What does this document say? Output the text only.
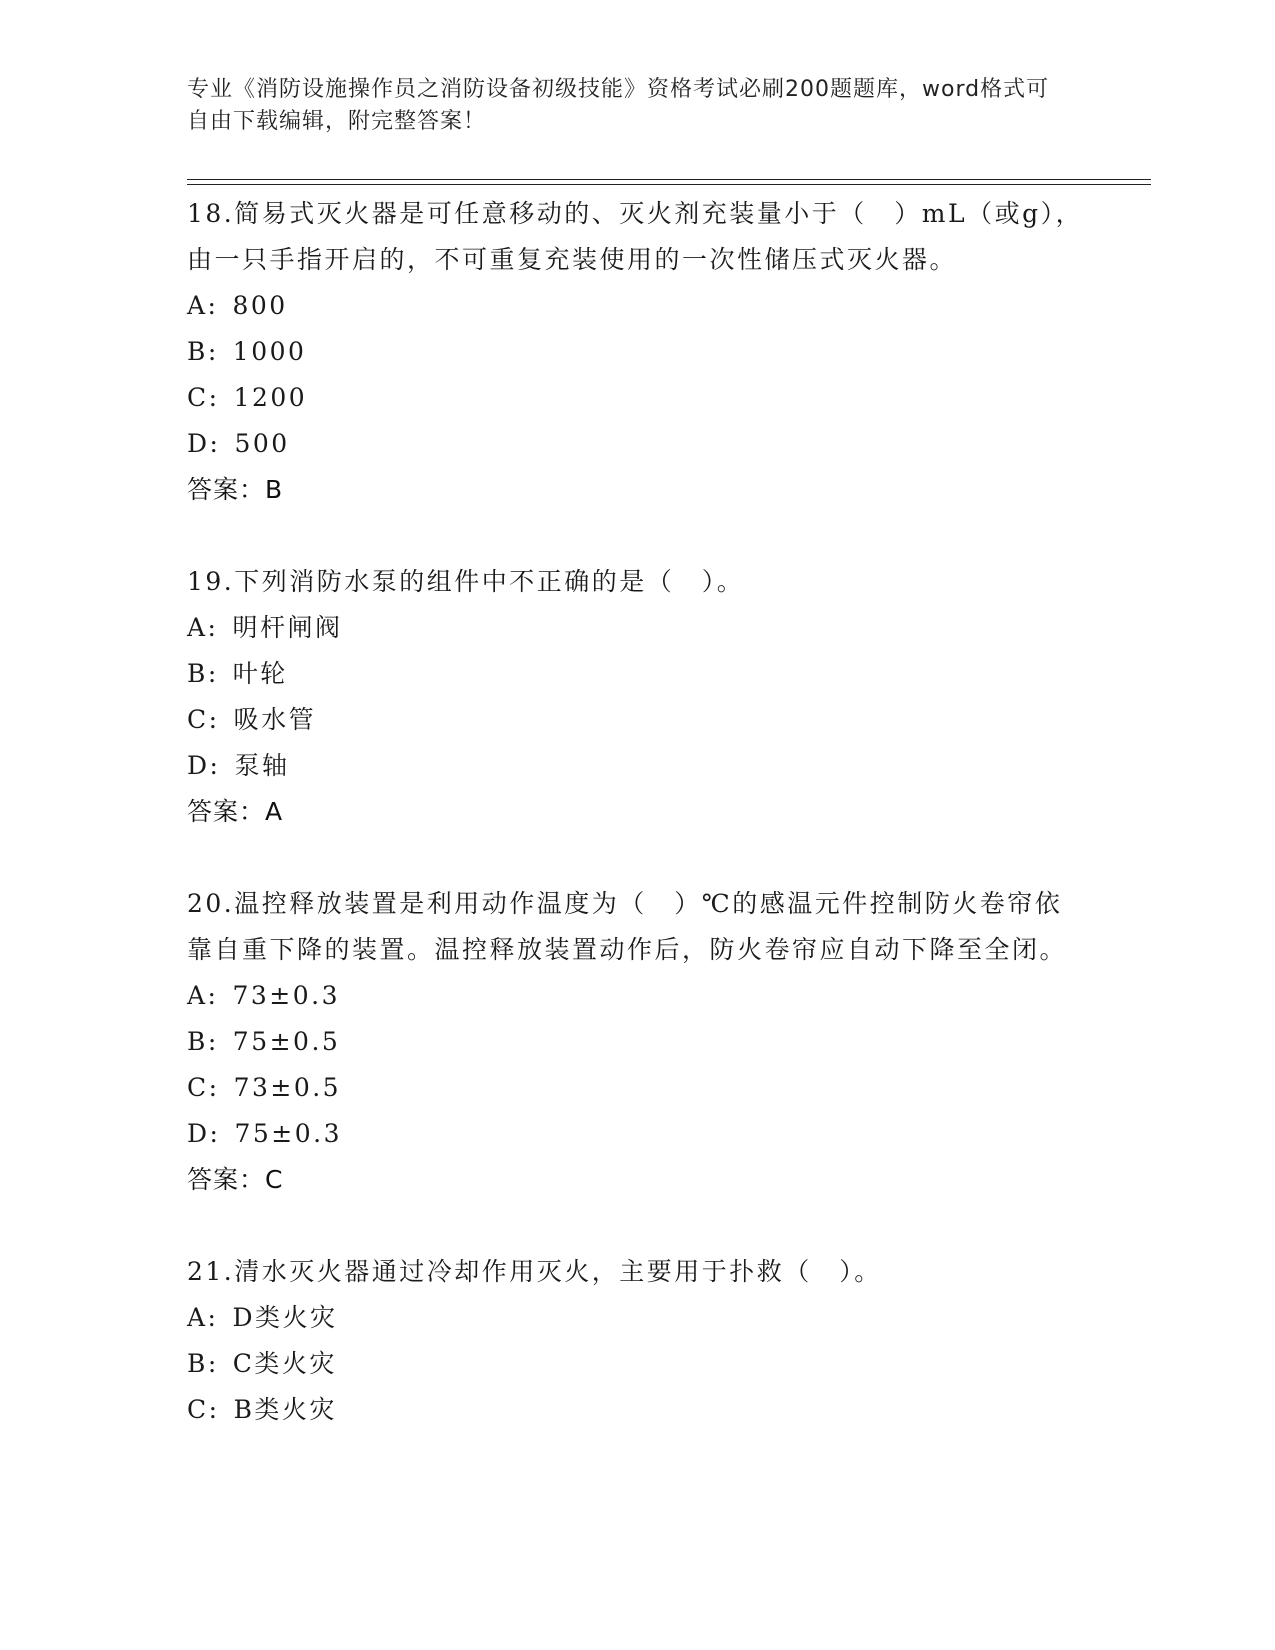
专业《消防设施操作员之消防设备初级技能》资格考试必刷200题题库，word格式可自由下载编辑，附完整答案！

18.简易式灭火器是可任意移动的、灭火剂充装量小于（　）mL（或g），由一只手指开启的，不可重复充装使用的一次性储压式灭火器。

A: 800

B: 1000

C: 1200

D: 500

答案：B

19.下列消防水泵的组件中不正确的是（　）。

A: 明杆闸阀

B: 叶轮

C: 吸水管

D: 泵轴

答案：A

20.温控释放装置是利用动作温度为（　）℃的感温元件控制防火卷帘依靠自重下降的装置。温控释放装置动作后，防火卷帘应自动下降至全闭。

A: 73±0.3

B: 75±0.5

C: 73±0.5

D: 75±0.3

答案：C

21.清水灭火器通过冷却作用灭火，主要用于扑救（　）。

A: D类火灾

B: C类火灾

C: B类火灾
